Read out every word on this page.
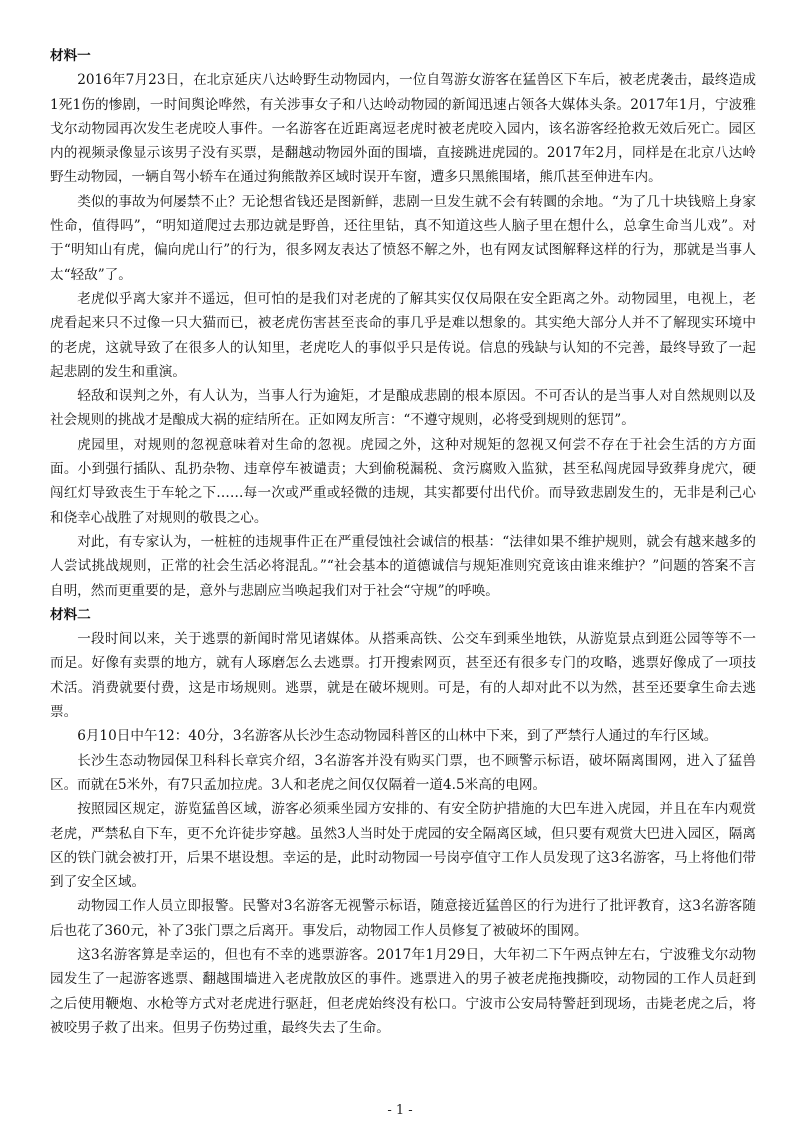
材料一

2016年7月23日，在北京延庆八达岭野生动物园内，一位自驾游女游客在猛兽区下车后，被老虎袭击，最终造成1死1伤的惨剧，一时间舆论哗然，有关涉事女子和八达岭动物园的新闻迅速占领各大媒体头条。2017年1月，宁波雅戈尔动物园再次发生老虎咬人事件。一名游客在近距离逗老虎时被老虎咬入园内，该名游客经抢救无效后死亡。园区内的视频录像显示该男子没有买票，是翻越动物园外面的围墙，直接跳进虎园的。2017年2月，同样是在北京八达岭野生动物园，一辆自驾小轿车在通过狗熊散养区域时误开车窗，遭多只黑熊围堵，熊爪甚至伸进车内。

类似的事故为何屡禁不止？无论想省钱还是图新鲜，悲剧一旦发生就不会有转圜的余地。“为了几十块钱赔上身家性命，值得吗”，“明知道爬过去那边就是野兽，还往里钻，真不知道这些人脑子里在想什么，总拿生命当儿戏”。对于“明知山有虎，偏向虎山行”的行为，很多网友表达了愤怒不解之外，也有网友试图解释这样的行为，那就是当事人太“轻敌”了。

老虎似乎离大家并不遥远，但可怕的是我们对老虎的了解其实仅仅局限在安全距离之外。动物园里，电视上，老虎看起来只不过像一只大猫而已，被老虎伤害甚至丧命的事几乎是难以想象的。其实绝大部分人并不了解现实环境中的老虎，这就导致了在很多人的认知里，老虎吃人的事似乎只是传说。信息的残缺与认知的不完善，最终导致了一起起悲剧的发生和重演。

轻敌和误判之外，有人认为，当事人行为逾矩，才是酿成悲剧的根本原因。不可否认的是当事人对自然规则以及社会规则的挑战才是酿成大祸的症结所在。正如网友所言：“不遵守规则，必将受到规则的惩罚”。

虎园里，对规则的忽视意味着对生命的忽视。虎园之外，这种对规矩的忽视又何尝不存在于社会生活的方方面面。小到强行插队、乱扔杂物、违章停车被谴责；大到偷税漏税、贪污腐败入监狱，甚至私闯虎园导致葬身虎穴，硬闯红灯导致丧生于车轮之下……每一次或严重或轻微的违规，其实都要付出代价。而导致悲剧发生的，无非是利己心和侥幸心战胜了对规则的敬畏之心。

对此，有专家认为，一桩桩的违规事件正在严重侵蚀社会诚信的根基：“法律如果不维护规则，就会有越来越多的人尝试挑战规则，正常的社会生活必将混乱。”“社会基本的道德诚信与规矩准则究竟该由谁来维护？”问题的答案不言自明，然而更重要的是，意外与悲剧应当唤起我们对于社会“守规”的呼唤。

材料二

一段时间以来，关于逃票的新闻时常见诸媒体。从搭乘高铁、公交车到乘坐地铁，从游览景点到逛公园等等不一而足。好像有卖票的地方，就有人琢磨怎么去逃票。打开搜索网页，甚至还有很多专门的攻略，逃票好像成了一项技术活。消费就要付费，这是市场规则。逃票，就是在破坏规则。可是，有的人却对此不以为然，甚至还要拿生命去逃票。

6月10日中午12：40分，3名游客从长沙生态动物园科普区的山林中下来，到了严禁行人通过的车行区域。

长沙生态动物园保卫科科长章宾介绍，3名游客并没有购买门票，也不顾警示标语，破坏隔离围网，进入了猛兽区。而就在5米外，有7只孟加拉虎。3人和老虎之间仅仅隔着一道4.5米高的电网。

按照园区规定，游览猛兽区域，游客必须乘坐园方安排的、有安全防护措施的大巴车进入虎园，并且在车内观赏老虎，严禁私自下车，更不允许徒步穿越。虽然3人当时处于虎园的安全隔离区域，但只要有观赏大巴进入园区，隔离区的铁门就会被打开，后果不堪设想。幸运的是，此时动物园一号岗亭值守工作人员发现了这3名游客，马上将他们带到了安全区域。

动物园工作人员立即报警。民警对3名游客无视警示标语，随意接近猛兽区的行为进行了批评教育，这3名游客随后也花了360元，补了3张门票之后离开。事发后，动物园工作人员修复了被破坏的围网。

这3名游客算是幸运的，但也有不幸的逃票游客。2017年1月29日，大年初二下午两点钟左右，宁波雅戈尔动物园发生了一起游客逃票、翻越围墙进入老虎散放区的事件。逃票进入的男子被老虎拖拽撕咬，动物园的工作人员赶到之后使用鞭炮、水枪等方式对老虎进行驱赶，但老虎始终没有松口。宁波市公安局特警赶到现场，击毙老虎之后，将被咬男子救了出来。但男子伤势过重，最终失去了生命。

- 1 -
